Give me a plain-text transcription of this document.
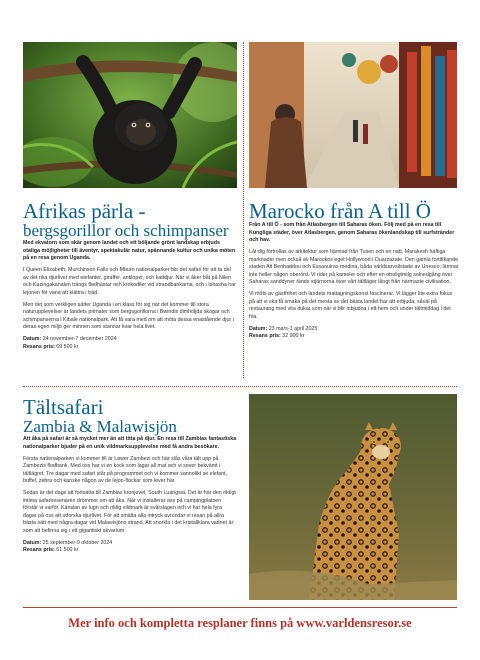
Afrikas pärla -
bergsgorillor och schimpanser

Med ekvatorn som skär genom landet och ett böljande grönt landskap erbjuds otaliga möjligheter till äventyr, spektakulär natur, spännande kultur och unika möten på en resa genom Uganda.

I Queen Elizabeth, Murchinson Falls och Mburo nationalparker blir det safari för att ta del av det rika djurlivet med elefanter, giraffer, antiloper, och kattdjur. När vi åker båt på Nilen och Kazingakanalen trängs flodhästar och krokodiler vid strandbankarna, och i Ishasha har lejonen för vana att klättra i träd.

Men det som verkligen sätter Uganda i en klass för sig när det kommer till stora naturupplevelser är landets primater som bergsgorillorna i Bwindis dimhöljda skogar och schimpanserna i Kibale nationalpark. Att få vara med om att möta dessa enastående djur i deras egen miljö ger minnen som stannar kvar hela livet.

Datum: 24 november-7 december 2024
Resans pris: 69 500 kr
Marocko från A till Ö

Från A till Ö - som från Atlasbergen till Saharas öken. Följ med på en resa till Kungliga städer, över Atlasbergen, genom Saharas ökenlandskap till surfstränder och hav.

Låt dig förtrollas av arkitektur som hämtad från Tusen och en natt, Marakesh häftiga marknader men också av Marockos eget Hollywood i Ouarzazate. Den gamla fortifikande staden Ait Benhaddou och Essaouiras medina, båda världsarvslistade av Unesco, lämnar inte heller någon oberörd. Vi rider på kameler och efter en otroligtmilg solnedgång över Saharas sanddyner tänds stjärnorna över vårt tältläger långt från närmaste civilisation.

Vi möts av gästfrihet och landets mattagningskonst fascinerar. Vi lägger lite extra fokus på att vi ska få smaka på det mesta av det bästa landet har att erbjuda, såväl på restaurang med vita dukar som när vi blir inbjudna i ett hem och under tältmiddag i det fria.

Datum: 23 mars-1 april 2025
Resans pris: 32 900 kr
Tältsafari
Zambia & Malawisjön

Att åka på safari är så mycket mer än att titta på djur. En resa till Zambias fantastiska nationalparker bjuder på en unik vildmarksupplevelse med få andra besökare.

Första nationalparken vi kommer till är Lower Zambezi och här slås våra tält upp på Zambezis flodbank. Med oss har vi en kock som lagar all mat och vi sover bekvämt i tältlägret. Tre dagar med safari står på programmet och vi kommer sannolikt se elefant, buffel, zebra och kanske någon av de lejon-flockar som lever här.

Sedan är det dags att fortsätta till Zambias kronjuvel, South Luangwa. Det är här den riktigt intima safariresenären drömmer om att åka. När vi installerar oss på campingplatsen förstår vi varför. Känslan av lugn och riktig vildmark är svårslagen och vi har hela fyra dagar på oss att utforska djurlivet. För att smälta alla intryck avrundar vi resan på allra bästa sätt med några dagar vid Malawisjöns strand. Att snorkla i det kristallklara vattnet är som att befinna sig i ett gigantiskt akvarium.

Datum: 25 september-9 oktober 2024
Resans pris: 61 500 kr
Mer info och kompletta resplaner finns på www.varldensresor.se
